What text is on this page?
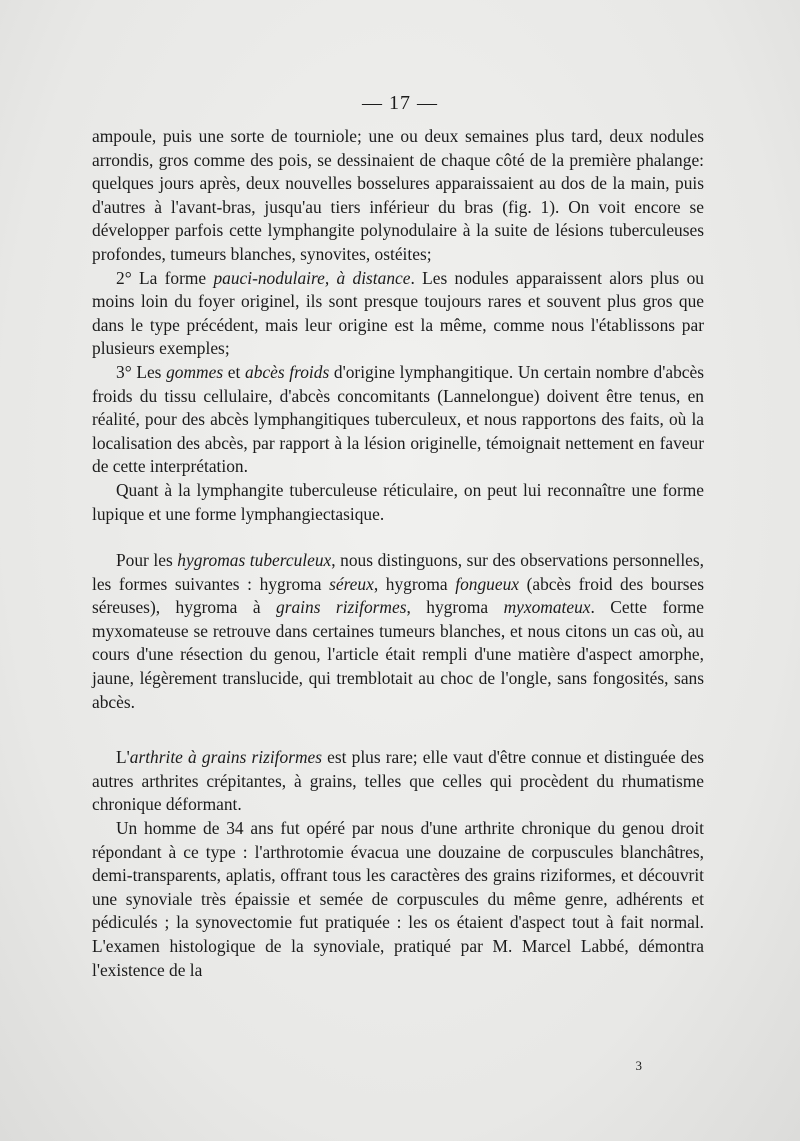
— 17 —

ampoule, puis une sorte de tourniole; une ou deux semaines plus tard, deux nodules arrondis, gros comme des pois, se dessinaient de chaque côté de la première phalange: quelques jours après, deux nouvelles bosselures apparaissaient au dos de la main, puis d'autres à l'avant-bras, jusqu'au tiers inférieur du bras (fig. 1). On voit encore se développer parfois cette lymphangite polynodulaire à la suite de lésions tuberculeuses profondes, tumeurs blanches, synovites, ostéites;

2° La forme pauci-nodulaire, à distance. Les nodules apparaissent alors plus ou moins loin du foyer originel, ils sont presque toujours rares et souvent plus gros que dans le type précédent, mais leur origine est la même, comme nous l'établissons par plusieurs exemples;

3° Les gommes et abcès froids d'origine lymphangitique. Un certain nombre d'abcès froids du tissu cellulaire, d'abcès concomitants (Lannelongue) doivent être tenus, en réalité, pour des abcès lymphangitiques tuberculeux, et nous rapportons des faits, où la localisation des abcès, par rapport à la lésion originelle, témoignait nettement en faveur de cette interprétation.

Quant à la lymphangite tuberculeuse réticulaire, on peut lui reconnaître une forme lupique et une forme lymphangiectasique.

Pour les hygromas tuberculeux, nous distinguons, sur des observations personnelles, les formes suivantes : hygroma séreux, hygroma fongueux (abcès froid des bourses séreuses), hygroma à grains riziformes, hygroma myxomateux. Cette forme myxomateuse se retrouve dans certaines tumeurs blanches, et nous citons un cas où, au cours d'une résection du genou, l'article était rempli d'une matière d'aspect amorphe, jaune, légèrement translucide, qui tremblotait au choc de l'ongle, sans fongosités, sans abcès.

L'arthrite à grains riziformes est plus rare; elle vaut d'être connue et distinguée des autres arthrites crépitantes, à grains, telles que celles qui procèdent du rhumatisme chronique déformant.

Un homme de 34 ans fut opéré par nous d'une arthrite chronique du genou droit répondant à ce type : l'arthrotomie évacua une douzaine de corpuscules blanchâtres, demi-transparents, aplatis, offrant tous les caractères des grains riziformes, et découvrit une synoviale très épaissie et semée de corpuscules du même genre, adhérents et pédiculés ; la synovectomie fut pratiquée : les os étaient d'aspect tout à fait normal. L'examen histologique de la synoviale, pratiqué par M. Marcel Labbé, démontra l'existence de la

3
